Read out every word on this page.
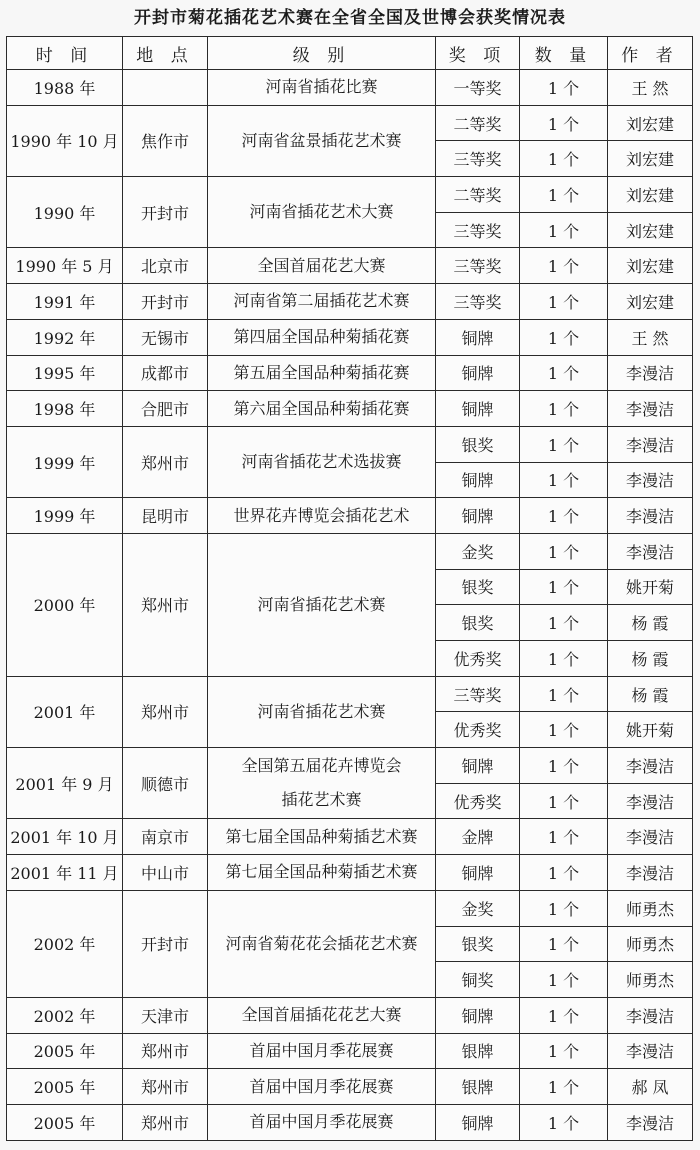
开封市菊花插花艺术赛在全省全国及世博会获奖情况表
时 间	地 点	级 别	奖 项	数 量	作 者
1988 年		河南省插花比赛	一等奖	1 个	王 然
1990 年 10 月	焦作市	河南省盆景插花艺术赛	二等奖	1 个	刘宏建
			三等奖	1 个	刘宏建
1990 年	开封市	河南省插花艺术大赛	二等奖	1 个	刘宏建
			三等奖	1 个	刘宏建
1990 年 5 月	北京市	全国首届花艺大赛	三等奖	1 个	刘宏建
1991 年	开封市	河南省第二届插花艺术赛	三等奖	1 个	刘宏建
1992 年	无锡市	第四届全国品种菊插花赛	铜牌	1 个	王 然
1995 年	成都市	第五届全国品种菊插花赛	铜牌	1 个	李漫洁
1998 年	合肥市	第六届全国品种菊插花赛	铜牌	1 个	李漫洁
1999 年	郑州市	河南省插花艺术选拔赛	银奖	1 个	李漫洁
			铜牌	1 个	李漫洁
1999 年	昆明市	世界花卉博览会插花艺术	铜牌	1 个	李漫洁
2000 年	郑州市	河南省插花艺术赛	金奖	1 个	李漫洁
			银奖	1 个	姚开菊
			银奖	1 个	杨 霞
			优秀奖	1 个	杨 霞
2001 年	郑州市	河南省插花艺术赛	三等奖	1 个	杨 霞
			优秀奖	1 个	姚开菊
2001 年 9 月	顺德市	全国第五届花卉博览会
插花艺术赛	铜牌	1 个	李漫洁
			优秀奖	1 个	李漫洁
2001 年 10 月	南京市	第七届全国品种菊插艺术赛	金牌	1 个	李漫洁
2001 年 11 月	中山市	第七届全国品种菊插艺术赛	铜牌	1 个	李漫洁
2002 年	开封市	河南省菊花花会插花艺术赛	金奖	1 个	师勇杰
			银奖	1 个	师勇杰
			铜奖	1 个	师勇杰
2002 年	天津市	全国首届插花花艺大赛	铜牌	1 个	李漫洁
2005 年	郑州市	首届中国月季花展赛	银牌	1 个	李漫洁
2005 年	郑州市	首届中国月季花展赛	银牌	1 个	郝 凤
2005 年	郑州市	首届中国月季花展赛	铜牌	1 个	李漫洁
